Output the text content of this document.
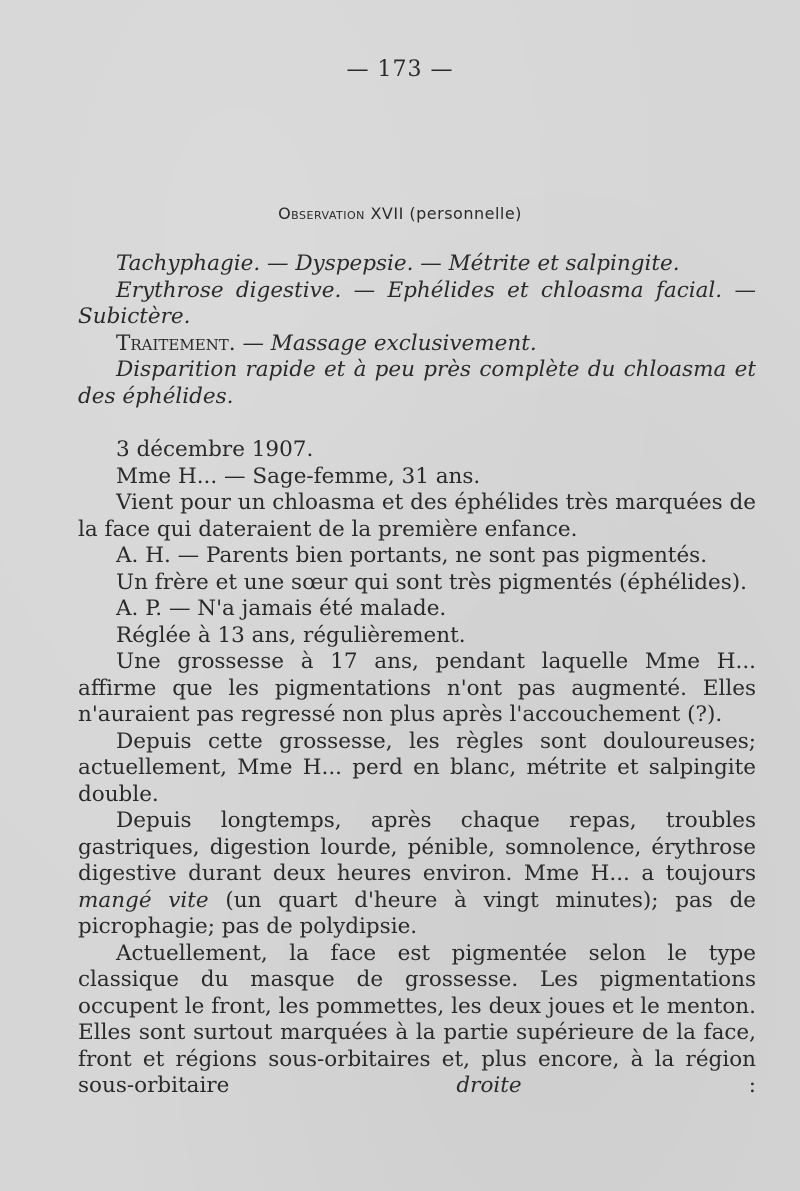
— 173 —
Observation XVII (personnelle)

Tachyphagie. — Dyspepsie. — Métrite et salpingite.

Erythrose digestive. — Ephélides et chloasma facial. — Subictère.

Traitement. — Massage exclusivement.

Disparition rapide et à peu près complète du chloasma et des éphélides.

3 décembre 1907.

Mme H... — Sage-femme, 31 ans.

Vient pour un chloasma et des éphélides très marquées de la face qui dateraient de la première enfance.

A. H. — Parents bien portants, ne sont pas pigmentés.

Un frère et une sœur qui sont très pigmentés (éphélides).

A. P. — N'a jamais été malade.

Réglée à 13 ans, régulièrement.

Une grossesse à 17 ans, pendant laquelle Mme H... affirme que les pigmentations n'ont pas augmenté. Elles n'auraient pas regressé non plus après l'accouchement (?).

Depuis cette grossesse, les règles sont douloureuses; actuellement, Mme H... perd en blanc, métrite et salpingite double.

Depuis longtemps, après chaque repas, troubles gastriques, digestion lourde, pénible, somnolence, érythrose digestive durant deux heures environ. Mme H... a toujours mangé vite (un quart d'heure à vingt minutes); pas de picrophagie; pas de polydipsie.

Actuellement, la face est pigmentée selon le type classique du masque de grossesse. Les pigmentations occupent le front, les pommettes, les deux joues et le menton. Elles sont surtout marquées à la partie supérieure de la face, front et régions sous-orbitaires et, plus encore, à la région sous-orbitaire	droite	:
